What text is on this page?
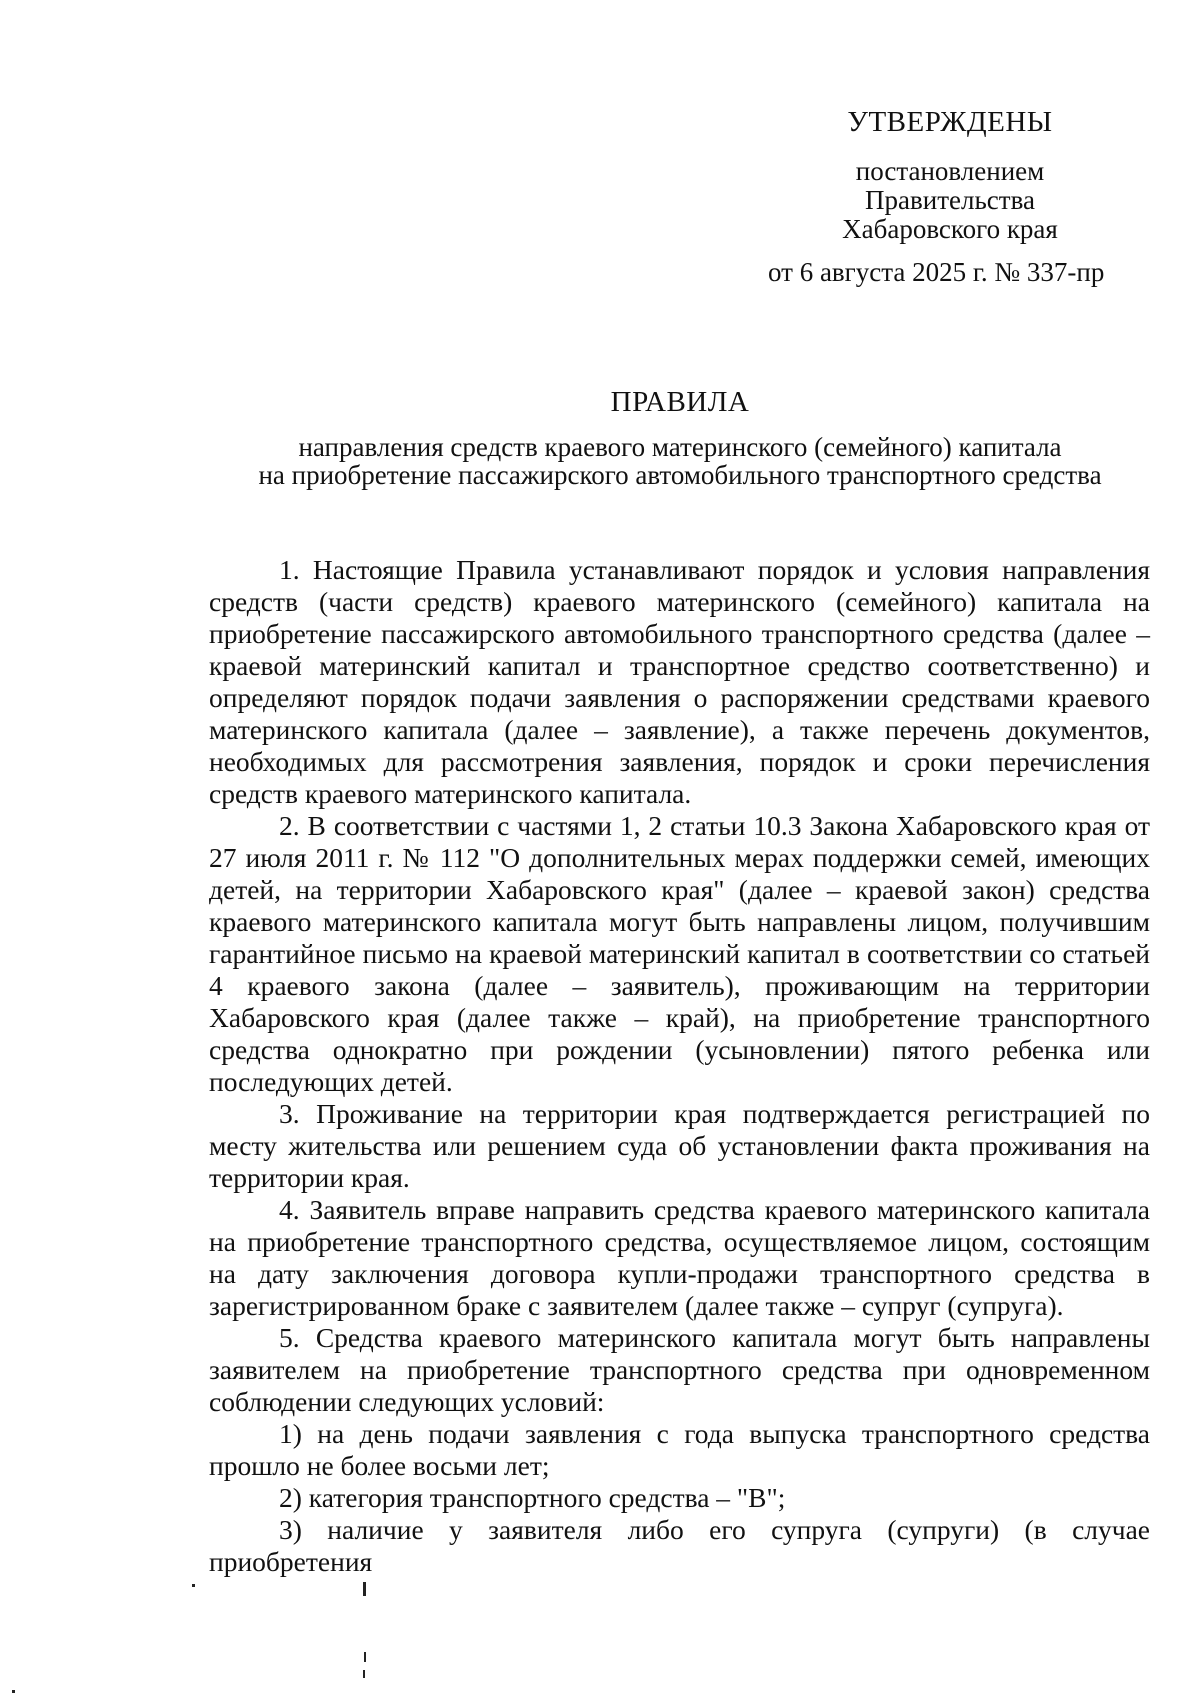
УТВЕРЖДЕНЫ
постановлением
Правительства
Хабаровского края
от 6 августа 2025 г. № 337-пр
ПРАВИЛА
направления средств краевого материнского (семейного) капитала
на приобретение пассажирского автомобильного транспортного средства

1. Настоящие Правила устанавливают порядок и условия направления средств (части средств) краевого материнского (семейного) капитала на приобретение пассажирского автомобильного транспортного средства (далее – краевой материнский капитал и транспортное средство соответственно) и определяют порядок подачи заявления о распоряжении средствами краевого материнского капитала (далее – заявление), а также перечень документов, необходимых для рассмотрения заявления, порядок и сроки перечисления средств краевого материнского капитала.

2. В соответствии с частями 1, 2 статьи 10.3 Закона Хабаровского края от 27 июля 2011 г. № 112 "О дополнительных мерах поддержки семей, имеющих детей, на территории Хабаровского края" (далее – краевой закон) средства краевого материнского капитала могут быть направлены лицом, получившим гарантийное письмо на краевой материнский капитал в соответствии со статьей 4 краевого закона (далее – заявитель), проживающим на территории Хабаровского края (далее также – край), на приобретение транспортного средства однократно при рождении (усыновлении) пятого ребенка или последующих детей.

3. Проживание на территории края подтверждается регистрацией по месту жительства или решением суда об установлении факта проживания на территории края.

4. Заявитель вправе направить средства краевого материнского капитала на приобретение транспортного средства, осуществляемое лицом, состоящим на дату заключения договора купли-продажи транспортного средства в зарегистрированном браке с заявителем (далее также – супруг (супруга).

5. Средства краевого материнского капитала могут быть направлены заявителем на приобретение транспортного средства при одновременном соблюдении следующих условий:

1) на день подачи заявления с года выпуска транспортного средства прошло не более восьми лет;

2) категория транспортного средства – "В";

3) наличие у заявителя либо его супруга (супруги) (в случае приобретения
